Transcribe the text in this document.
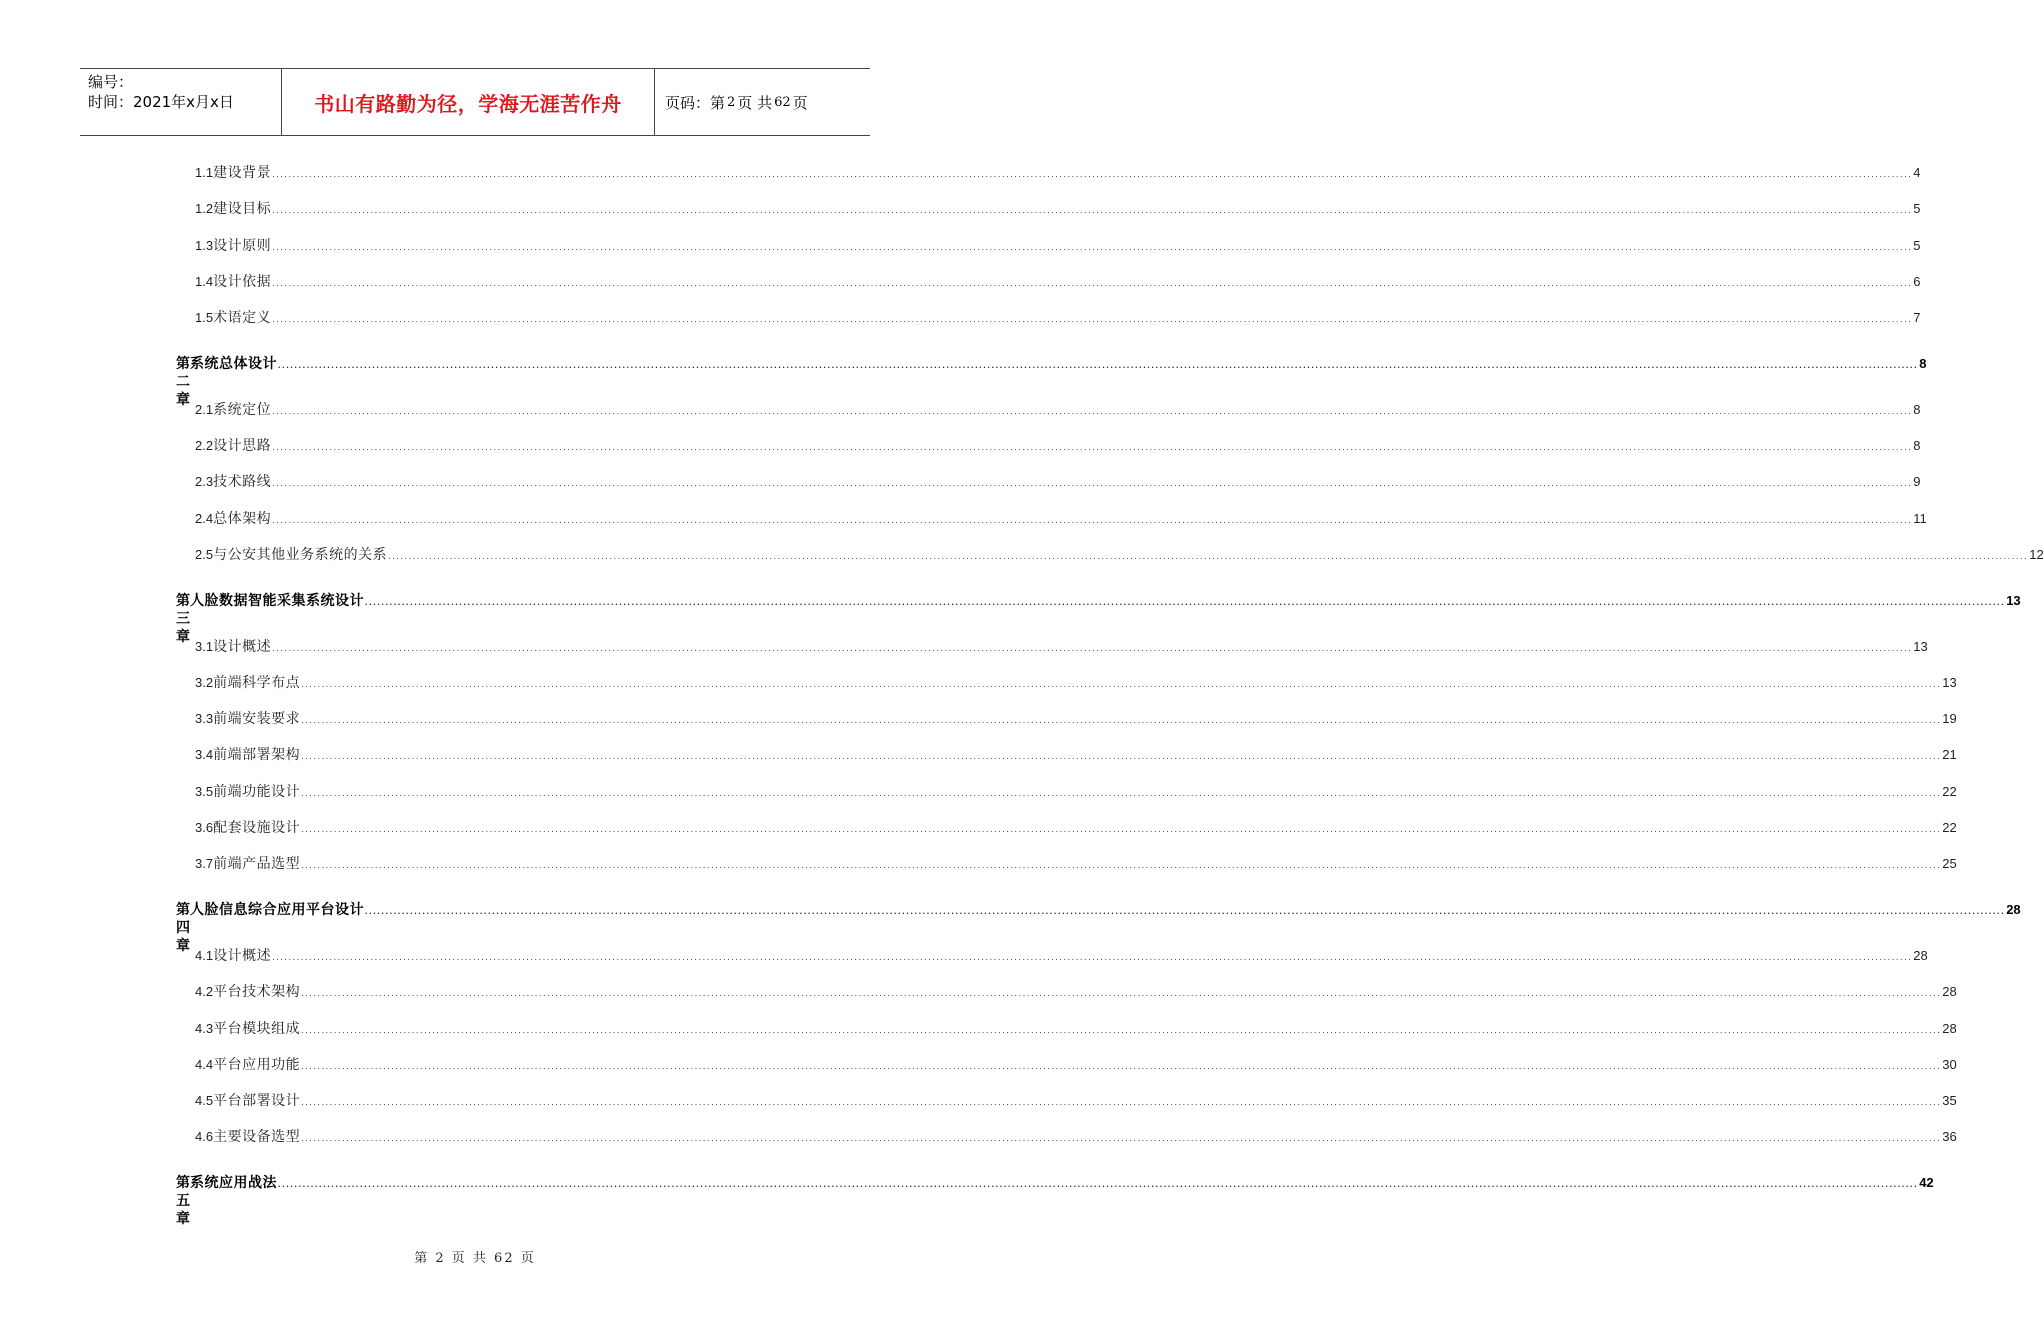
编号：
时间：2021年x月x日	书山有路勤为径，学海无涯苦作舟	页码：第 2 页 共 62 页
1.1 建设背景 ................................................................................................................................................................................................................................................................................................................................................................................................................ 4
1.2 建设目标 ................................................................................................................................................................................................................................................................................................................................................................................................................ 5
1.3 设计原则 ................................................................................................................................................................................................................................................................................................................................................................................................................ 5
1.4 设计依据 ................................................................................................................................................................................................................................................................................................................................................................................................................ 6
1.5 术语定义 ................................................................................................................................................................................................................................................................................................................................................................................................................ 7
第二章
系统总体设计 ................................................................................................................................................................................................................................................................................................................................................................................................................ 8
2.1 系统定位 ................................................................................................................................................................................................................................................................................................................................................................................................................ 8
2.2 设计思路 ................................................................................................................................................................................................................................................................................................................................................................................................................ 8
2.3 技术路线 ................................................................................................................................................................................................................................................................................................................................................................................................................ 9
2.4 总体架构 ................................................................................................................................................................................................................................................................................................................................................................................................................ 11
2.5 与公安其他业务系统的关系 ................................................................................................................................................................................................................................................................................................................................................................................................................ 12
第三章
人脸数据智能采集系统设计 ................................................................................................................................................................................................................................................................................................................................................................................................................ 13
3.1 设计概述 ................................................................................................................................................................................................................................................................................................................................................................................................................ 13
3.2 前端科学布点 ................................................................................................................................................................................................................................................................................................................................................................................................................ 13
3.3 前端安装要求 ................................................................................................................................................................................................................................................................................................................................................................................................................ 19
3.4 前端部署架构 ................................................................................................................................................................................................................................................................................................................................................................................................................ 21
3.5 前端功能设计 ................................................................................................................................................................................................................................................................................................................................................................................................................ 22
3.6 配套设施设计 ................................................................................................................................................................................................................................................................................................................................................................................................................ 22
3.7 前端产品选型 ................................................................................................................................................................................................................................................................................................................................................................................................................ 25
第四章
人脸信息综合应用平台设计 ................................................................................................................................................................................................................................................................................................................................................................................................................ 28
4.1 设计概述 ................................................................................................................................................................................................................................................................................................................................................................................................................ 28
4.2 平台技术架构 ................................................................................................................................................................................................................................................................................................................................................................................................................ 28
4.3 平台模块组成 ................................................................................................................................................................................................................................................................................................................................................................................................................ 28
4.4 平台应用功能 ................................................................................................................................................................................................................................................................................................................................................................................................................ 30
4.5 平台部署设计 ................................................................................................................................................................................................................................................................................................................................................................................................................ 35
4.6 主要设备选型 ................................................................................................................................................................................................................................................................................................................................................................................................................ 36
第五章
系统应用战法 ................................................................................................................................................................................................................................................................................................................................................................................................................ 42
第 2 页 共 62 页
